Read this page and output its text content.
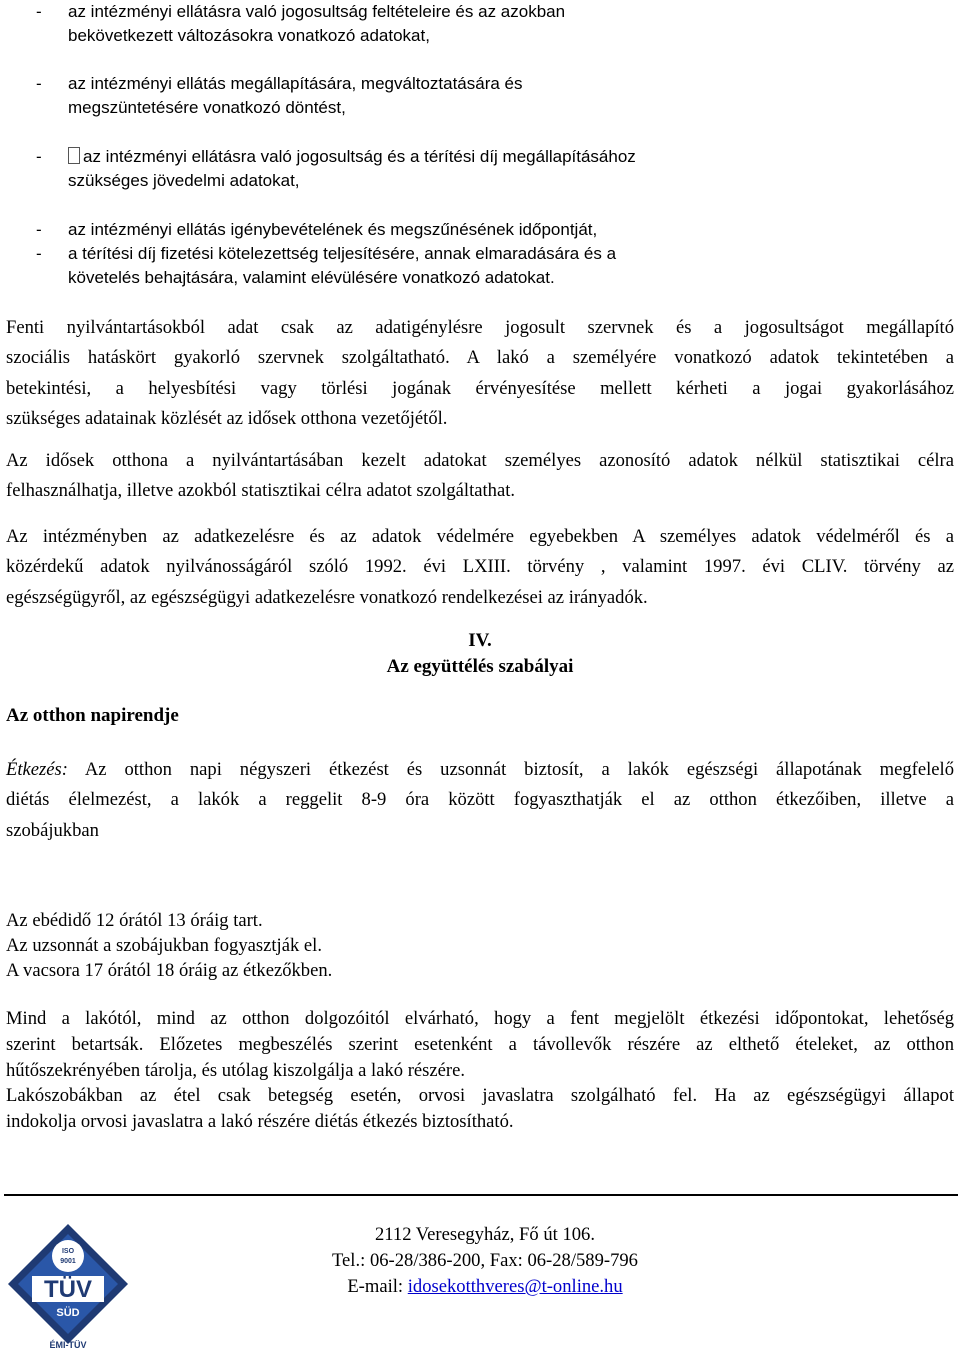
-	az intézményi ellátásra való jogosultság feltételeire és az azokban
bekövetkezett változásokra vonatkozó adatokat,
-	az intézményi ellátás megállapítására, megváltoztatására és
megszüntetésére vonatkozó döntést,
-	az intézményi ellátásra való jogosultság és a térítési díj megállapításához
szükséges jövedelmi adatokat,
-	az intézményi ellátás igénybevételének és megszűnésének időpontját,
-	a térítési díj fizetési kötelezettség teljesítésére, annak elmaradására és a
követelés behajtására, valamint elévülésére vonatkozó adatokat.
Fenti nyilvántartásokból adat csak az adatigénylésre jogosult szervnek és a jogosultságot megállapító
szociális hatáskört gyakorló szervnek szolgáltatható. A lakó a személyére vonatkozó adatok tekintetében a
betekintési, a helyesbítési vagy törlési jogának érvényesítése mellett kérheti a jogai gyakorlásához
szükséges adatainak közlését az idősek otthona vezetőjétől.
Az idősek otthona a nyilvántartásában kezelt adatokat személyes azonosító adatok nélkül statisztikai célra
felhasználhatja, illetve azokból statisztikai célra adatot szolgáltathat.
Az intézményben az adatkezelésre és az adatok védelmére egyebekben A személyes adatok védelméről és a
közérdekű adatok nyilvánosságáról szóló 1992. évi LXIII. törvény , valamint 1997. évi CLIV. törvény az
egészségügyről, az egészségügyi adatkezelésre vonatkozó rendelkezései az irányadók.
IV.
Az együttélés szabályai
Az otthon napirendje
Étkezés: Az otthon napi négyszeri étkezést és uzsonnát biztosít, a lakók egészségi állapotának megfelelő
diétás élelmezést, a lakók a reggelit 8-9 óra között fogyaszthatják el az otthon étkezőiben, illetve a
szobájukban
Az ebédidő 12 órától 13 óráig tart.
Az uzsonnát a szobájukban fogyasztják el.
A vacsora 17 órától 18 óráig az étkezőkben.
Mind a lakótól, mind az otthon dolgozóitól elvárható, hogy a fent megjelölt étkezési időpontokat, lehetőség
szerint betartsák. Előzetes megbeszélés szerint esetenként a távollevők részére az elthető ételeket, az otthon
hűtőszekrényében tárolja, és utólag kiszolgálja a lakó részére.
Lakószobákban az étel csak betegség esetén, orvosi javaslatra szolgálható fel. Ha az egészségügyi állapot
indokolja orvosi javaslatra a lakó részére diétás étkezés biztosítható.
ISO
9001
TÜV
SÜD
ÉMI-TÜV
2112 Veresegyház, Fő út 106.
Tel.: 06-28/386-200, Fax: 06-28/589-796
E-mail: idosekotthveres@t-online.hu
